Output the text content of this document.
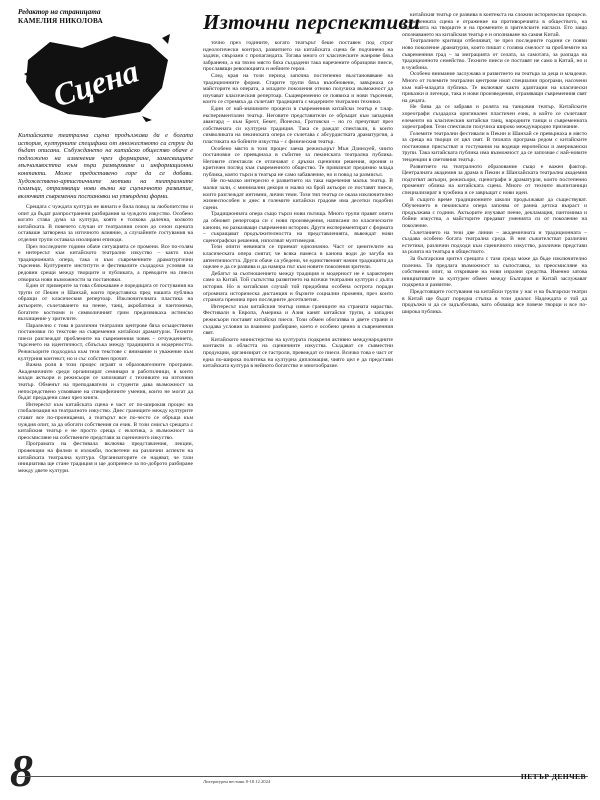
Редактор на страницата
КАМЕЛИЯ НИКОЛОВА
Сцена
Китайската театрална сцена продължава да е богата история, културните специфики от множеството си струи да бъдат описани. Събуждането на китайско общество обаче е подложено на изменения чрез формиране, замесващите мълчаливостта към пъри развърхване и информационни контакти. Може предоставено горе да се добави. Художествено-артистичните мотиви на театралните пламъци, отразяващи нови вълни на сценичното развитие, включват съвременни постановки на утвърдени форми.
Източни перспективи

Срещата с чуждата култура не винаги е била повод за любопитство и опит да бъдат разпространени разбирания за чуждото изкуство. Особено когато става дума за култура, която е толкова далечна, колкото китайската. В повечето случаи от театралния сезон до сезон сцената оставаше затворена за източното влияние, а случайните гостувания на отделни трупи оставаха изолирани епизоди.

През последните години обаче ситуацията се промени. Все по-голям е интересът към китайското театрално изкуство – както към традиционната опера, така и към съвременните драматургични търсения. Културните институти и фестивалите създадоха условия за редовни срещи между творците и публиката, а преводите на пиеси отвориха нови възможности за постановки.

Един от примерите за това сближаване е поредицата от гостувания на трупи от Пекин и Шанхай, които представиха пред нашата публика образци от класическия репертоар. Изключителната пластика на актьорите, съчетаването на пеене, танц, акробатика и пантомима, богатите костюми и символичният грим предизвикаха истинско възхищение у зрителите.

Паралелно с това в различни театрални центрове бяха осъществени постановки по текстове на съвременни китайски драматурзи. Техните пиеси разглеждат проблемите на съвременния човек – отчуждението, търсенето на идентичност, сблъсъка между традицията и модерността. Режисьорите подходиха към тези текстове с внимание и уважение към културния контекст, но и със собствен прочит.

Важна роля в този процес играят и образователните програми. Академичните среди организират семинари и работилници, в които млади актьори и режисьори се запознават с техниките на източния театър. Обменът на преподаватели и студенти дава възможност за непосредствено усвояване на специфичните умения, които не могат да бъдат предадени само чрез книги.

Интересът към китайската сцена е част от по-широкия процес на глобализация на театралното изкуство. Днес границите между културите стават все по-проницаеми, а театърът все по-често се обръща към чуждия опит, за да обогати собствения си език. В този смисъл срещата с китайския театър е не просто среща с екзотика, а възможност за преосмисляне на собствените представи за сценичното изкуство.

Програмата на фестивала включва представления, лекции, прожекции на филми и изложби, посветени на различни аспекти на китайската театрална култура. Организаторите се надяват, че тази инициатива ще стане традиция и ще допринесе за по-доброто разбиране между двете култури.

точно през годините, когато театърът беше поставен под строг идеологически контрол, развитието на китайската сцена бе подчинено на задачи, свързани с пропагандата. Тогава много от класическите жанрове бяха забранени, а на тяхно място бяха създадени така наречените образцови пиеси, прославящи революцията и нейните герои.

След края на този период започна постепенно възстановяване на традиционните форми. Старите трупи бяха възобновени, завърнаха се майсторите на операта, а младите поколения отново получиха възможност да изучават класическия репертоар. Същевременно се появиха и нови търсения, които се стремяха да съчетаят традицията с модерните театрални техники.

Един от най-значимите процеси в съвременния китайски театър е т.нар. експериментален театър. Неговите представители се обръщат към западния авангард – към Брехт, Бекет, Йонеско, Гротовски – но го пречупват през собствената си културна традиция. Така се раждат спектакли, в които символиката на пекинската опера се съчетава с абсурдистката драматургия, а пластиката на бойните изкуства – с физическия театър.

Особено място в този процес заема режисьорът Мън Дзинхуей, чиито постановки се превърнаха в събитие за пекинската театрална публика. Неговите спектакли се отличават с дръзки сценични решения, ирония и критичен поглед към съвременното общество. Те привличат предимно млада публика, която търси в театъра не само забавление, но и повод за размисъл.

Не по-малко интересно е развитието на така наречения малък театър. В малки зали, с минимални декори и малко на брой актьори се поставят пиеси, които разглеждат интимни, лични теми. Този тип театър се оказа изключително жизнеспособен и днес в големите китайски градове има десетки подобни сцени.

Традиционната опера също търси нови пътища. Много трупи правят опити да обновят репертоара си с нови произведения, написани по класическите канони, но разказващи съвременни истории. Други експериментират с формата – съкращават продължителността на представленията, въвеждат нови сценографски решения, използват мултимедия.

Тези опити невинаги се приемат еднозначно. Част от ценителите на класическата опера смятат, че всяка намеса в канона води до загуба на автентичността. Други обаче са убедени, че единственият начин традицията да оцелее е да се развива и да намира път към новите поколения зрители.

Дебатът за съотношението между традиция и модерност не е характерен само за Китай. Той съпътства развитието на всички театрални култури с дълга история. Но в китайския случай той придобива особена острота поради огромната историческа дистанция и бързите социални промени, през които страната премина през последните десетилетия.

Интересът към китайския театър извън границите на страната нараства. Фестивали в Европа, Америка и Азия канят китайски трупи, а западни режисьори поставят китайски пиеси. Този обмен обогатява и двете страни и създава условия за взаимно разбиране, което е особено ценно в съвременния свят.

Китайското министерство на културата подкрепя активно международните контакти в областта на сценичните изкуства. Създават се съвместни продукции, организират се гастроли, превеждат се пиеси. Всичко това е част от една по-широка политика на културна дипломация, чиято цел е да представи китайската култура в нейното богатство и многообразие.

китайския театър се развива в контекста на сложни исторически процеси. Съвременната сцена е отражение на противоречията в обществото, на търсенията на творците и на промените в зрителските нагласи. Ето защо опознаването на китайския театър е и опознаване на самия Китай.

Театралните критици отбелязват, че през последните години се появи ново поколение драматурзи, които пишат с голяма смелост за проблемите на съвременния град – за миграцията от селата, за самотата, за разпада на традиционното семейство. Техните пиеси се поставят не само в Китай, но и в чужбина.

Особено внимание заслужава и развитието на театъра за деца и младежи. Много от големите театрални центрове имат специални програми, насочени към най-младата публика. Те включват както адаптации на класически приказки и легенди, така и нови произведения, отразяващи съвременния свят на децата.

Не бива да се забравя и ролята на танцовия театър. Китайските хореографи създадоха оригинален пластичен език, в който се съчетават елементи на класическия китайски танц, народните танци и съвременната хореография. Тези спектакли получиха широко международно признание.

Големите театрални фестивали в Пекин и Шанхай се превърнаха в място за среща на творци от цял свят. В тяхната програма редом с китайските постановки присъстват и гостувания на водещи европейски и американски трупи. Така китайската публика има възможност да се запознае с най-новите тенденции в световния театър.

Развитието на театралното образование също е важен фактор. Централната академия за драма в Пекин и Шанхайската театрална академия подготвят актьори, режисьори, сценографи и драматурзи, които постепенно променят облика на китайската сцена. Много от техните възпитаници специализират в чужбина и се завръщат с нови идеи.

В същото време традиционните школи продължават да съществуват. Обучението в пекинската опера започва от ранна детска възраст и продължава с години. Актьорите изучават пеене, декламация, пантомима и бойни изкуства, а майсторите предават уменията си от поколение на поколение.

Съчетанието на тези две линии – академичната и традиционната – създава особено богата театрална среда. В нея съжителстват различни естетики, различни подходи към сценичното изкуство, различни представи за ролята на театъра в обществото.

За българския зрител срещата с тази среда може да бъде изключително полезна. Тя предлага възможност за съпоставка, за преосмисляне на собствения опит, за откриване на нови изразни средства. Именно затова инициативите за културен обмен между България и Китай заслужават подкрепа и развитие.

Предстоящите гостувания на китайски трупи у нас и на български театри в Китай ще бъдат поредна стъпка в този диалог. Надеждата е той да продължи и да се задълбочава, като обхваща все повече творци и все по-широка публика.

8	Литературен вестник 8-18.12.2024
ПЕТЪР ДЕНЧЕВ
